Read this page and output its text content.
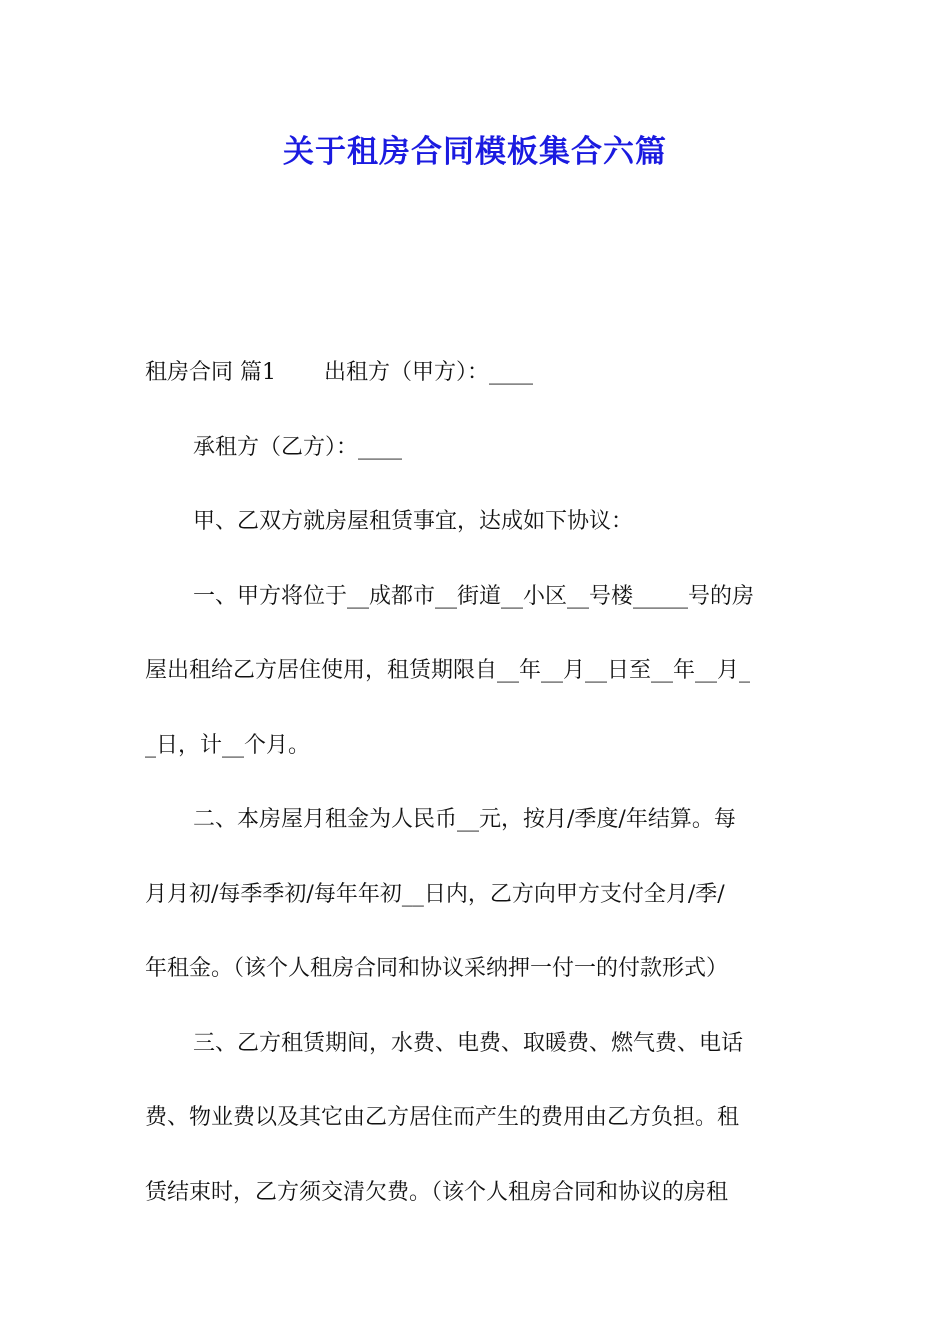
关于租房合同模板集合六篇
租房合同 篇1 出租方（甲方）：____
承租方（乙方）：____
甲、乙双方就房屋租赁事宜，达成如下协议：
一、甲方将位于__成都市__街道__小区__号楼_____号的房
屋出租给乙方居住使用，租赁期限自__年__月__日至__年__月_
_日，计__个月。
二、本房屋月租金为人民币__元，按月/季度/年结算。每
月月初/每季季初/每年年初__日内，乙方向甲方支付全月/季/
年租金。（该个人租房合同和协议采纳押一付一的付款形式）
三、乙方租赁期间，水费、电费、取暖费、燃气费、电话
费、物业费以及其它由乙方居住而产生的费用由乙方负担。租
赁结束时，乙方须交清欠费。（该个人租房合同和协议的房租
